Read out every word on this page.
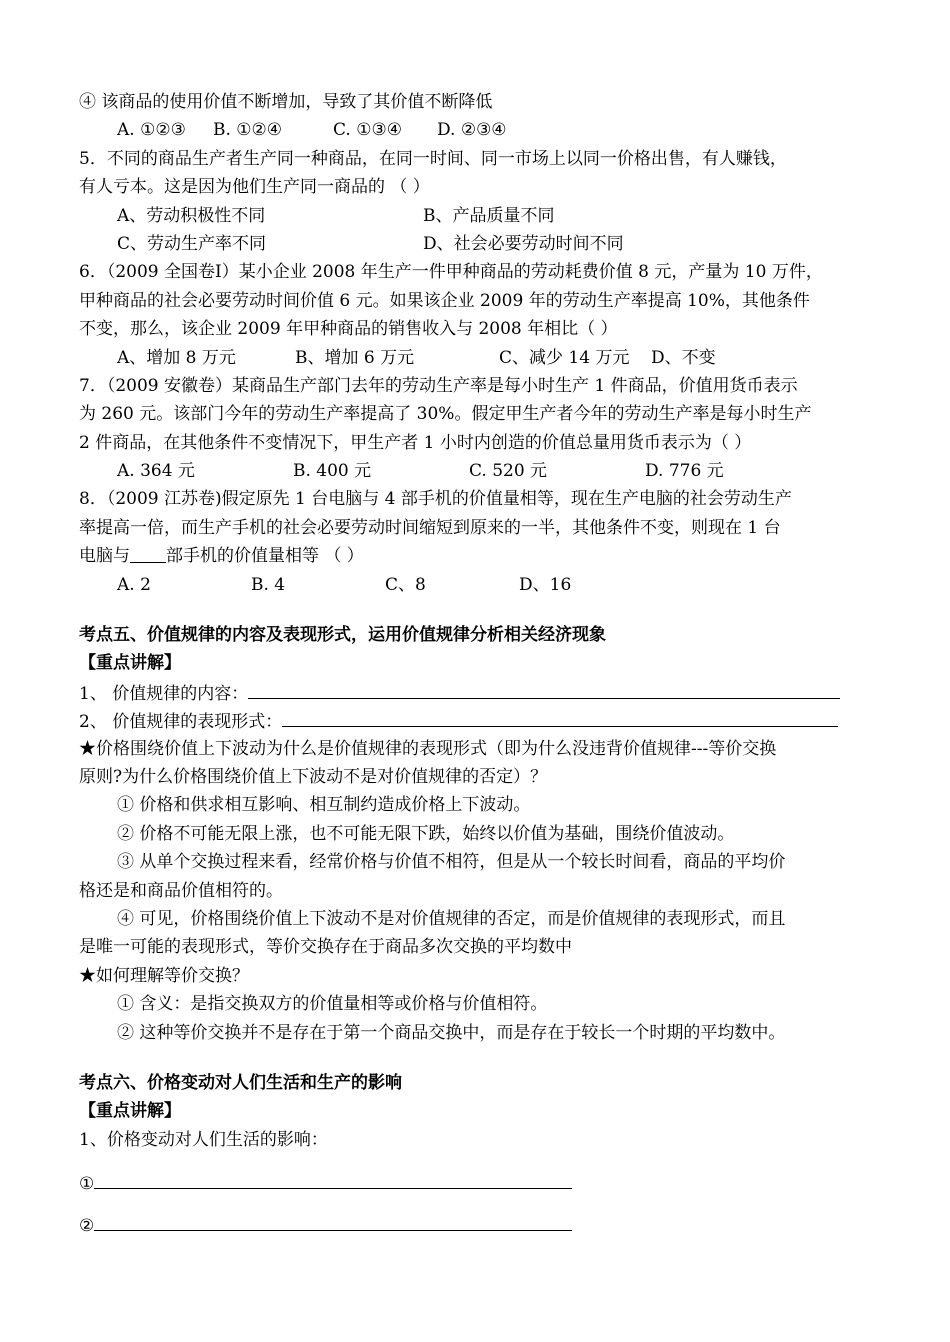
④ 该商品的使用价值不断增加，导致了其价值不断降低
A. ①②③	B. ①②④	C. ①③④	D. ②③④
5．不同的商品生产者生产同一种商品，在同一时间、同一市场上以同一价格出售，有人赚钱，
有人亏本。这是因为他们生产同一商品的 （ ）
A、劳动积极性不同	B、产品质量不同
C、劳动生产率不同	D、社会必要劳动时间不同
6．（2009 全国卷Ⅰ）某小企业 2008 年生产一件甲种商品的劳动耗费价值 8 元，产量为 10 万件，
甲种商品的社会必要劳动时间价值 6 元。如果该企业 2009 年的劳动生产率提高 10%，其他条件
不变，那么，该企业 2009 年甲种商品的销售收入与 2008 年相比（ ）
A、增加 8 万元	B、增加 6 万元	C、减少 14 万元	D、不变
7．（2009 安徽卷）某商品生产部门去年的劳动生产率是每小时生产 1 件商品，价值用货币表示
为 260 元。该部门今年的劳动生产率提高了 30%。假定甲生产者今年的劳动生产率是每小时生产
2 件商品，在其他条件不变情况下，甲生产者 1 小时内创造的价值总量用货币表示为（ ）
A. 364 元	B. 400 元	C. 520 元	D. 776 元
8．（2009 江苏卷)假定原先 1 台电脑与 4 部手机的价值量相等，现在生产电脑的社会劳动生产
率提高一倍，而生产手机的社会必要劳动时间缩短到原来的一半，其他条件不变，则现在 1 台
电脑与 部手机的价值量相等 （ ）
A. 2	B. 4	C、8	D、16
考点五、价值规律的内容及表现形式，运用价值规律分析相关经济现象
【重点讲解】
1、 价值规律的内容：
2、 价值规律的表现形式：
★价格围绕价值上下波动为什么是价值规律的表现形式（即为什么没违背价值规律---等价交换
原则?为什么价格围绕价值上下波动不是对价值规律的否定）？
① 价格和供求相互影响、相互制约造成价格上下波动。
② 价格不可能无限上涨，也不可能无限下跌，始终以价值为基础，围绕价值波动。
③ 从单个交换过程来看，经常价格与价值不相符，但是从一个较长时间看，商品的平均价
格还是和商品价值相符的。
④ 可见，价格围绕价值上下波动不是对价值规律的否定，而是价值规律的表现形式，而且
是唯一可能的表现形式，等价交换存在于商品多次交换的平均数中
★如何理解等价交换？
① 含义：是指交换双方的价值量相等或价格与价值相符。
② 这种等价交换并不是存在于第一个商品交换中，而是存在于较长一个时期的平均数中。
考点六、价格变动对人们生活和生产的影响
【重点讲解】
1、价格变动对人们生活的影响：
①
②
